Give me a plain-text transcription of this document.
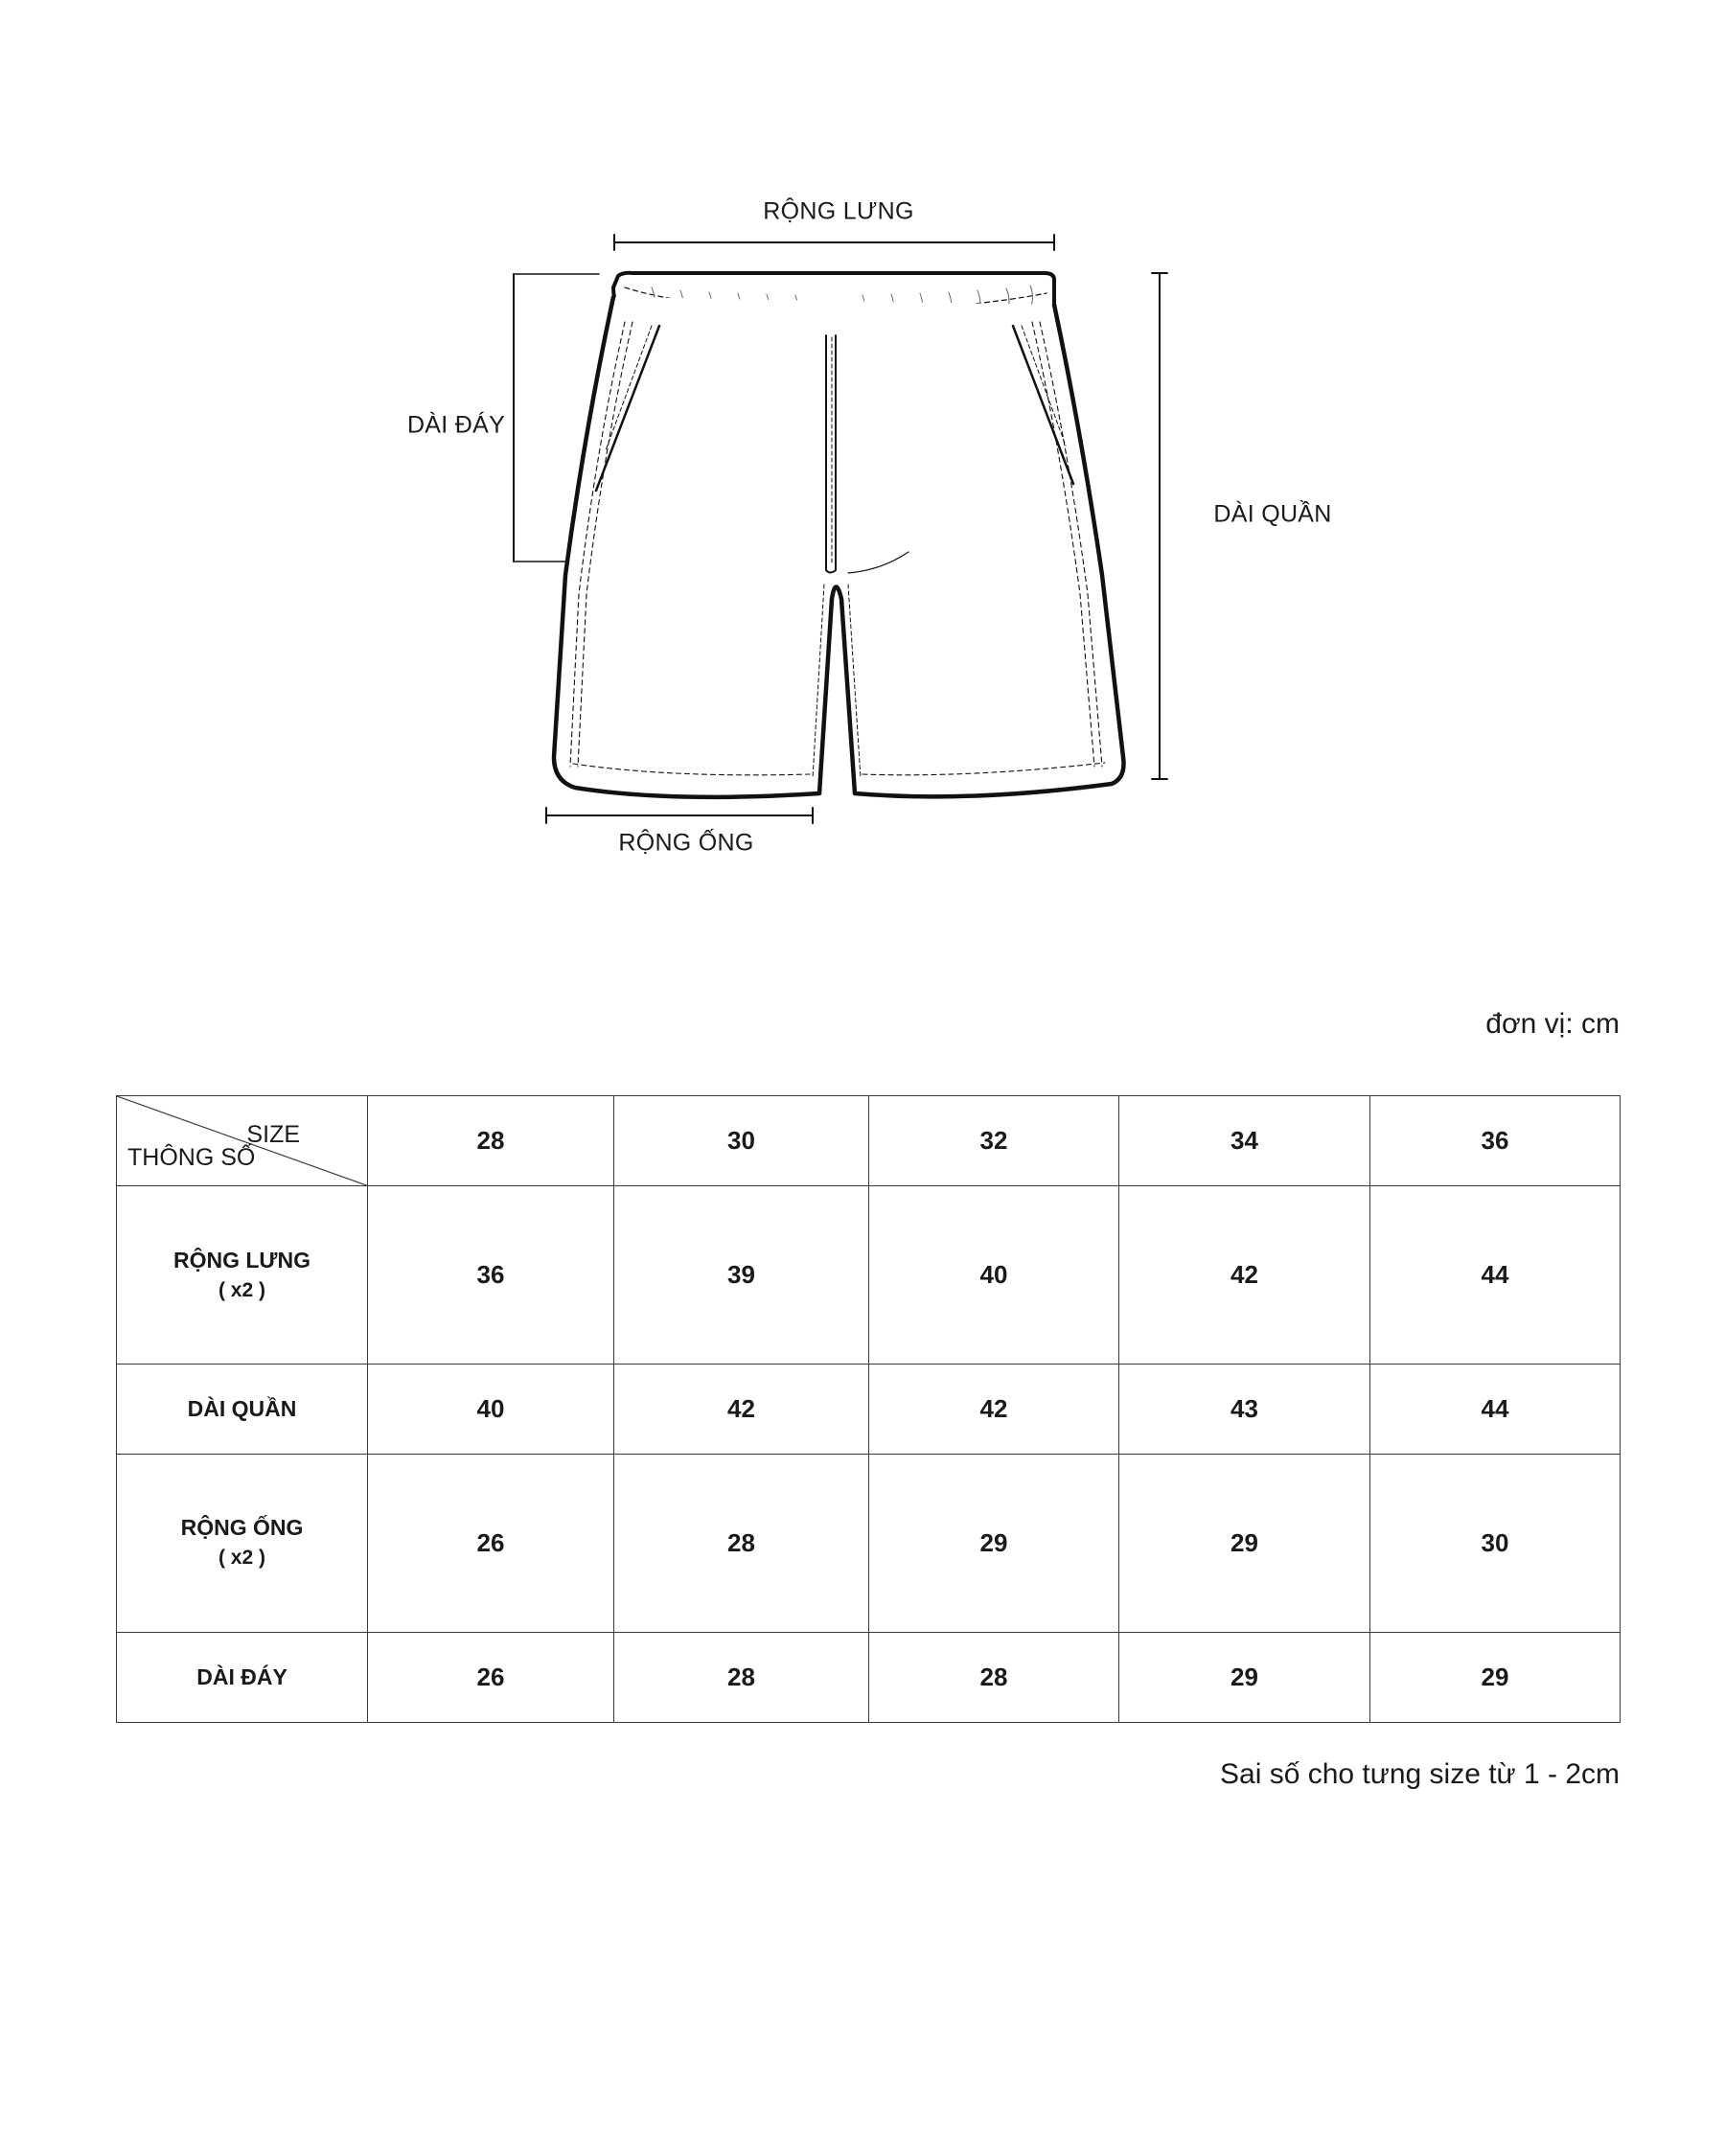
RỘNG LƯNG
DÀI ĐÁY
DÀI QUẦN
RỘNG ỐNG
đơn vị: cm
SIZE
THÔNG SỐ	28	30	32	34	36
RỘNG LƯNG
( x2 )	36	39	40	42	44
DÀI QUẦN	40	42	42	43	44
RỘNG ỐNG
( x2 )	26	28	29	29	30
DÀI ĐÁY	26	28	28	29	29
Sai số cho tưng size từ 1 - 2cm
